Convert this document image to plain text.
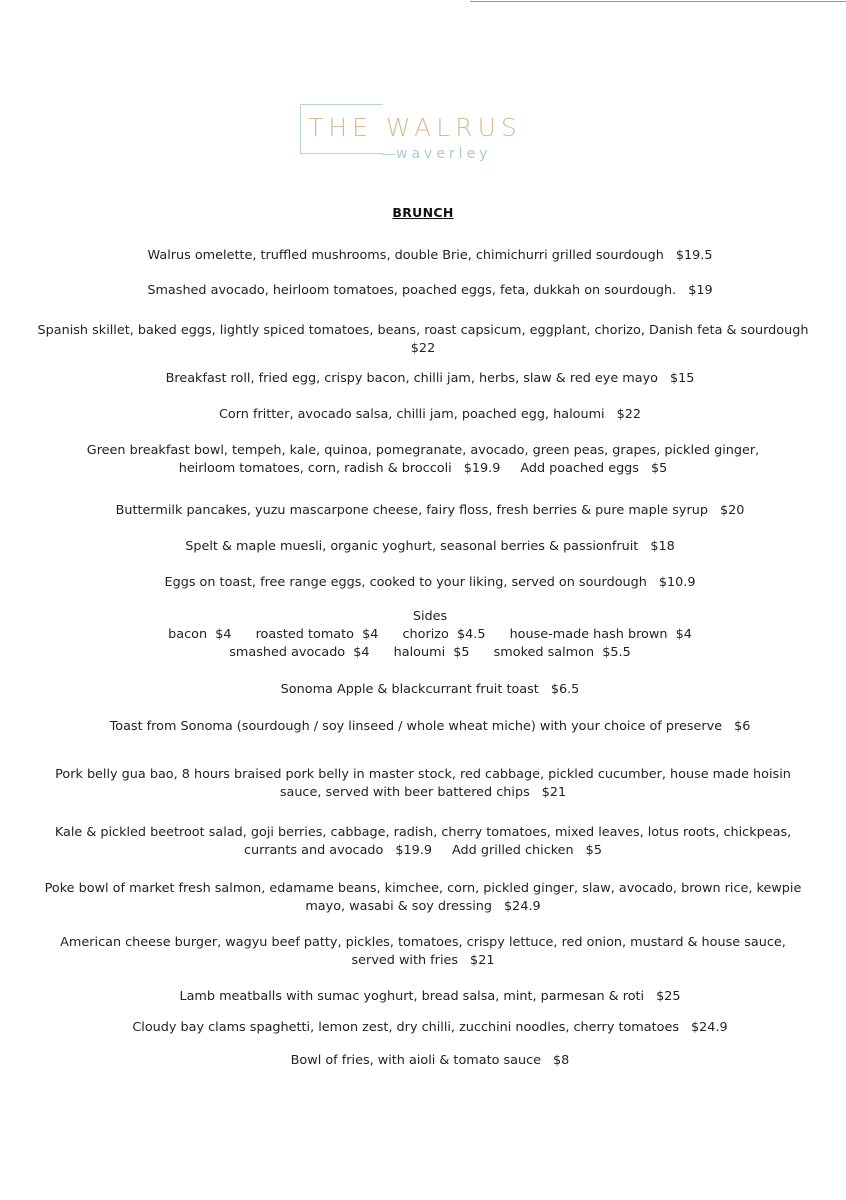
THE WALRUS
waverley
BRUNCH
Walrus omelette, truffled mushrooms, double Brie, chimichurri grilled sourdough $19.5
Smashed avocado, heirloom tomatoes, poached eggs, feta, dukkah on sourdough. $19
Spanish skillet, baked eggs, lightly spiced tomatoes, beans, roast capsicum, eggplant, chorizo, Danish feta & sourdough
$22
Breakfast roll, fried egg, crispy bacon, chilli jam, herbs, slaw & red eye mayo $15
Corn fritter, avocado salsa, chilli jam, poached egg, haloumi $22
Green breakfast bowl, tempeh, kale, quinoa, pomegranate, avocado, green peas, grapes, pickled ginger, heirloom tomatoes, corn, radish & broccoli $19.9 Add poached eggs $5
Buttermilk pancakes, yuzu mascarpone cheese, fairy floss, fresh berries & pure maple syrup $20
Spelt & maple muesli, organic yoghurt, seasonal berries & passionfruit $18
Eggs on toast, free range eggs, cooked to your liking, served on sourdough $10.9
Sides
bacon $4 roasted tomato $4 chorizo $4.5 house-made hash brown $4
smashed avocado $4 haloumi $5 smoked salmon $5.5
Sonoma Apple & blackcurrant fruit toast $6.5
Toast from Sonoma (sourdough / soy linseed / whole wheat miche) with your choice of preserve $6
Pork belly gua bao, 8 hours braised pork belly in master stock, red cabbage, pickled cucumber, house made hoisin sauce, served with beer battered chips $21
Kale & pickled beetroot salad, goji berries, cabbage, radish, cherry tomatoes, mixed leaves, lotus roots, chickpeas, currants and avocado $19.9 Add grilled chicken $5
Poke bowl of market fresh salmon, edamame beans, kimchee, corn, pickled ginger, slaw, avocado, brown rice, kewpie mayo, wasabi & soy dressing $24.9
American cheese burger, wagyu beef patty, pickles, tomatoes, crispy lettuce, red onion, mustard & house sauce, served with fries $21
Lamb meatballs with sumac yoghurt, bread salsa, mint, parmesan & roti $25
Cloudy bay clams spaghetti, lemon zest, dry chilli, zucchini noodles, cherry tomatoes $24.9
Bowl of fries, with aioli & tomato sauce $8
